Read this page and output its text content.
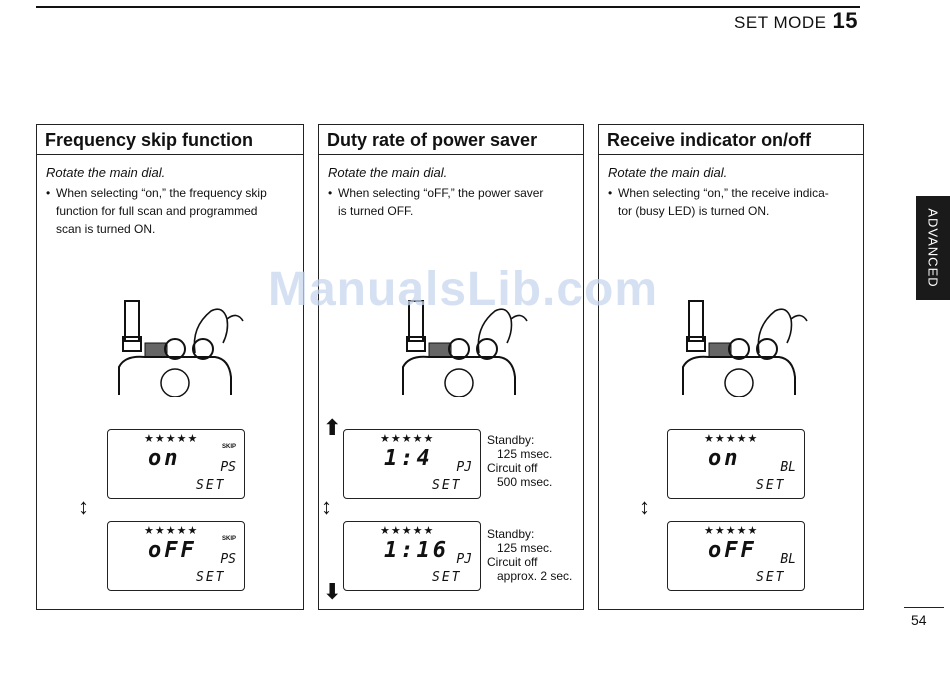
SET MODE 15
Frequency skip function
Rotate the main dial.
• When selecting “on,” the frequency skip
function for full scan and programmed
scan is turned ON.
★★★★★
SKIP
on	PS
SET
↕
★★★★★
SKIP
oFF PS
SET
Duty rate of power saver
Rotate the main dial.
• When selecting “oFF,” the power saver
is turned OFF.
⬆	★★★★★
1:4 PJ
SET
Standby:
125 msec.
Circuit off
500 msec.
↕
★★★★★
1:16 PJ
SET
Standby:
125 msec.
Circuit off
approx. 2 sec.
⬇
Receive indicator on/off
Rotate the main dial.
• When selecting “on,” the receive indica-
tor (busy LED) is turned ON.
★★★★★
on	BL
SET
↕
★★★★★
oFF BL
SET
ManualsLib.com
ADVANCED
54
